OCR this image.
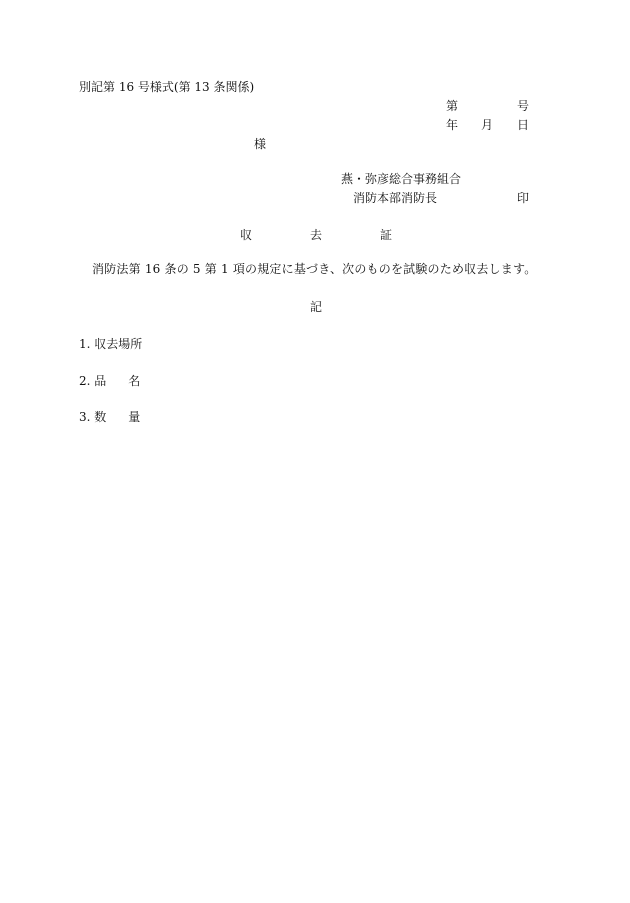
別記第 16 号様式(第 13 条関係)
第	号
年 月 日
様
燕・弥彦総合事務組合
消防本部消防長	印
収	去	証
消防法第 16 条の 5 第 1 項の規定に基づき、次のものを試験のため収去します。
記
1. 収去場所
2. 品 名
3. 数 量
